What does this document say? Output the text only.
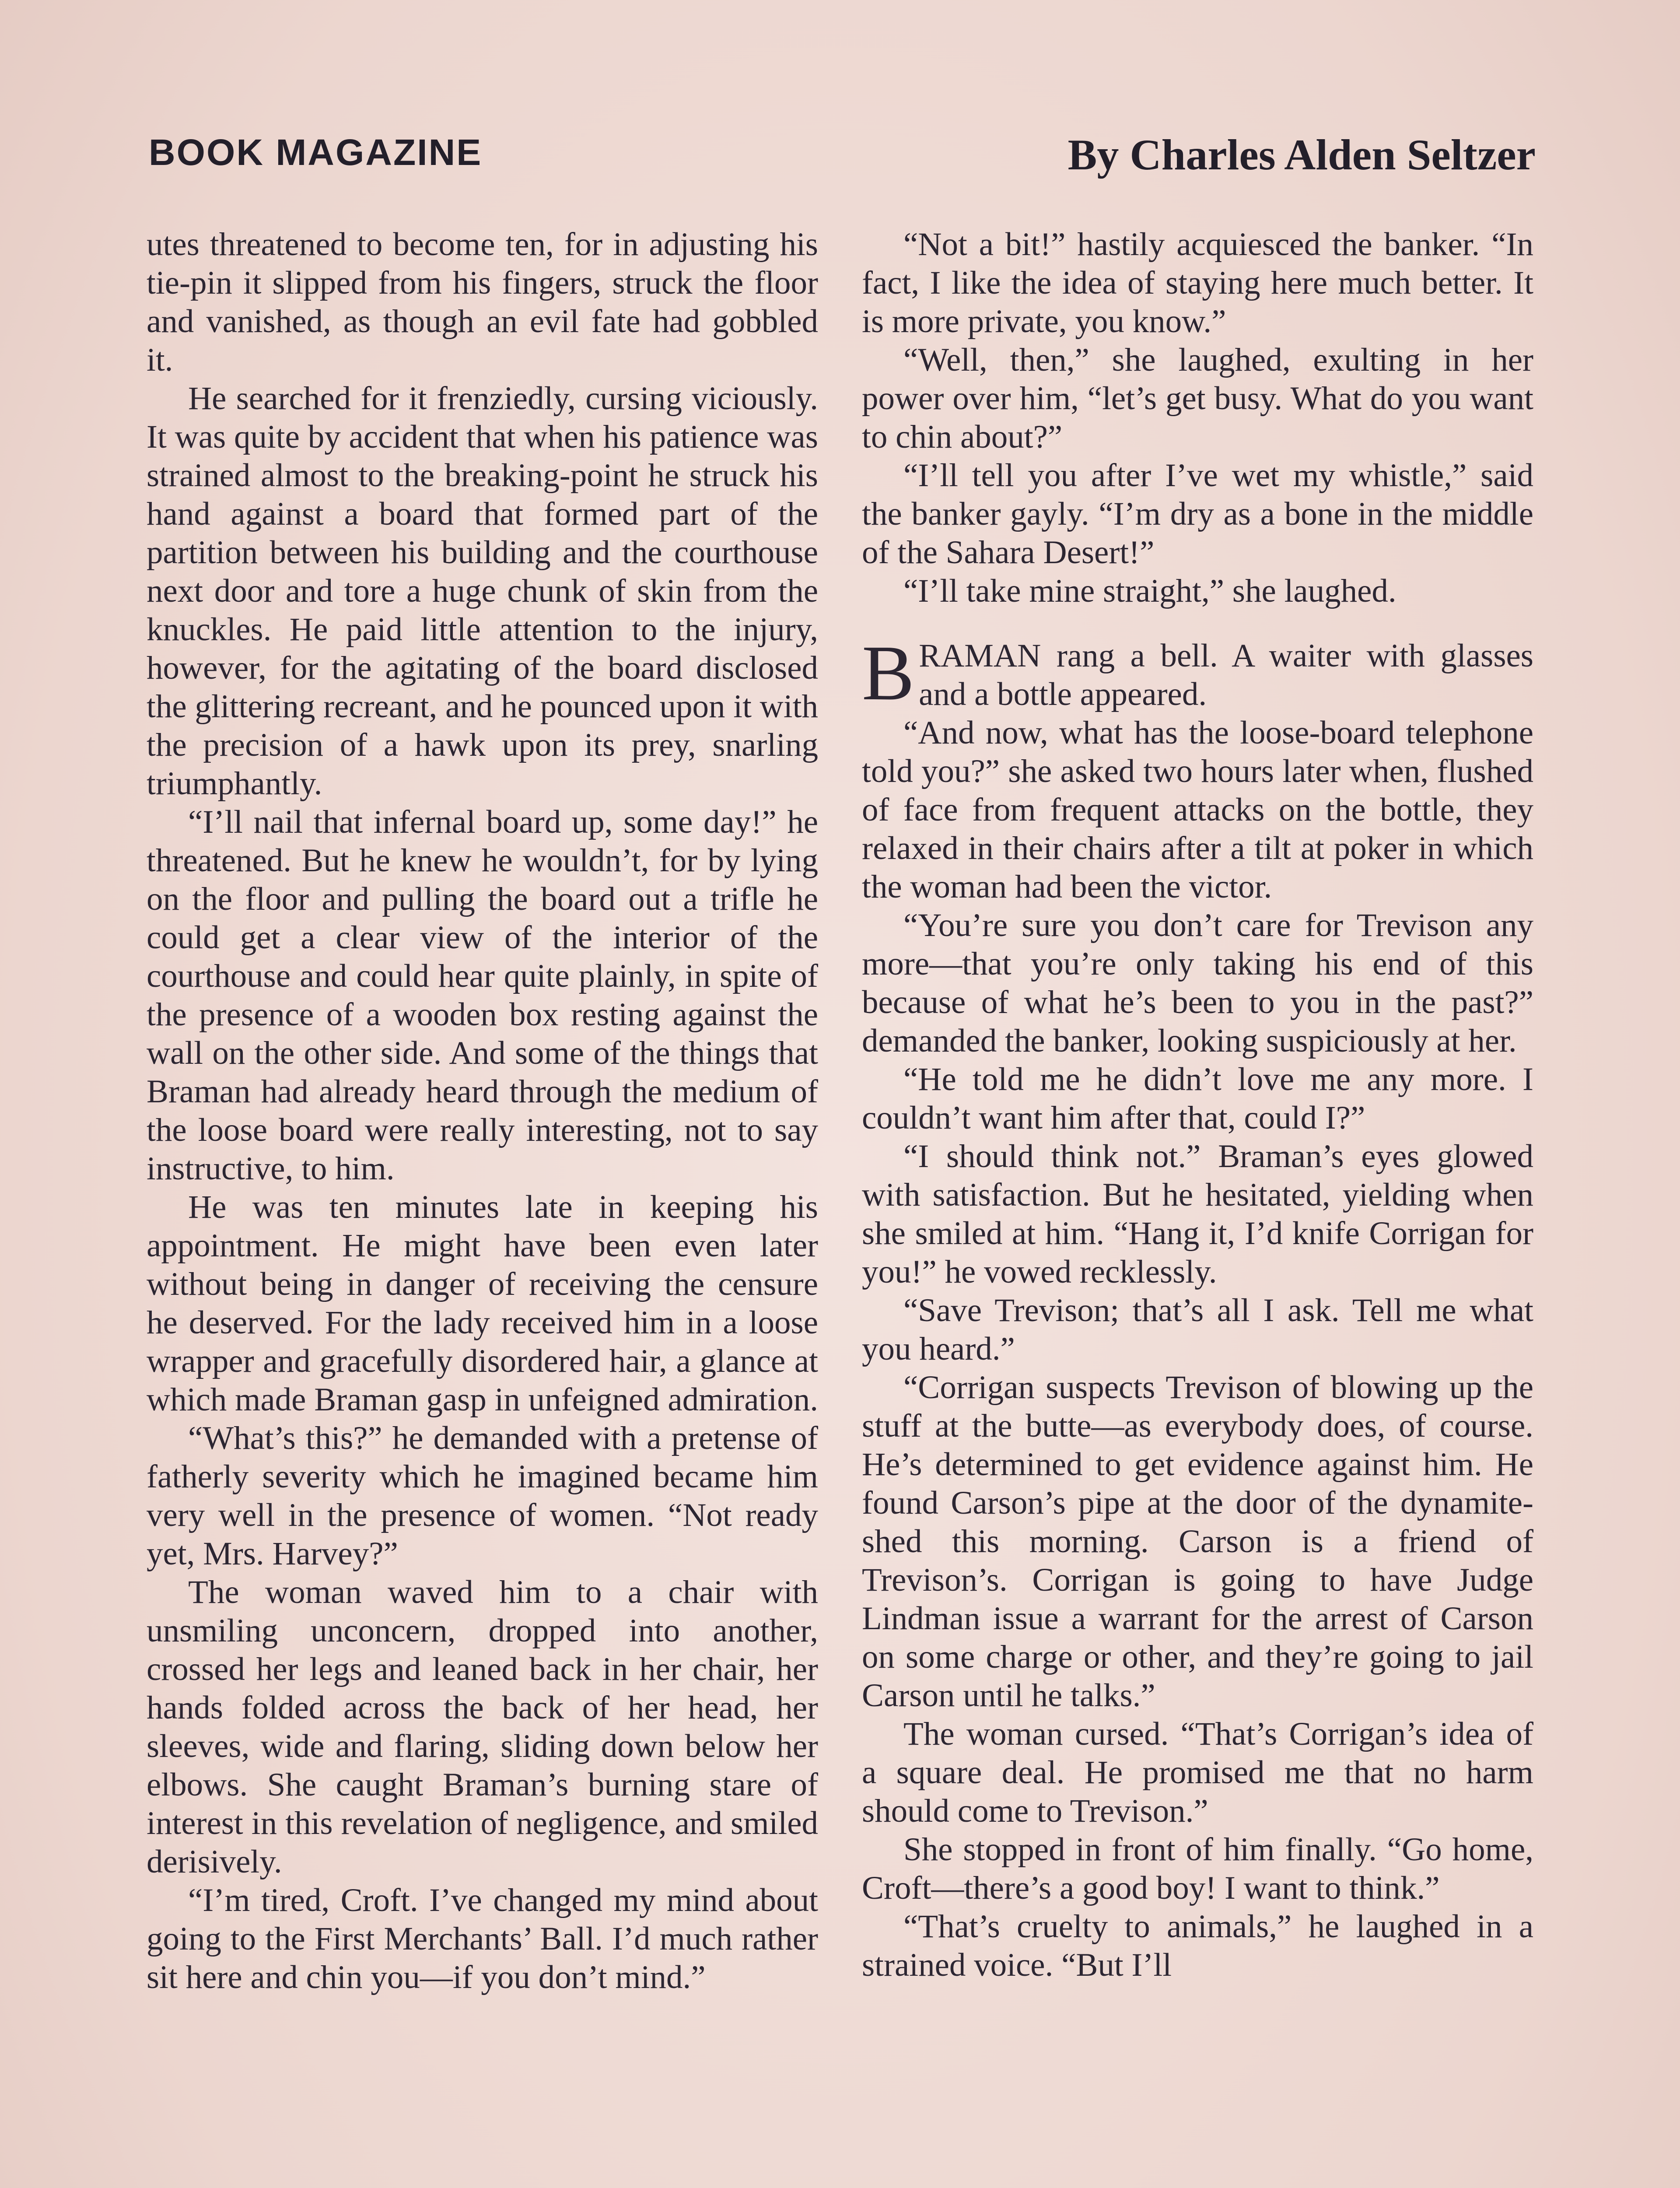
BOOK MAGAZINE	By Charles Alden Seltzer

utes threatened to become ten, for in adjusting his tie-pin it slipped from his fingers, struck the floor and vanished, as though an evil fate had gobbled it.

He searched for it frenziedly, cursing viciously. It was quite by accident that when his patience was strained almost to the breaking-point he struck his hand against a board that formed part of the partition between his building and the courthouse next door and tore a huge chunk of skin from the knuckles. He paid little attention to the injury, however, for the agitating of the board disclosed the glittering recreant, and he pounced upon it with the precision of a hawk upon its prey, snarling triumphantly.

“I’ll nail that infernal board up, some day!” he threatened. But he knew he wouldn’t, for by lying on the floor and pulling the board out a trifle he could get a clear view of the interior of the courthouse and could hear quite plainly, in spite of the presence of a wooden box resting against the wall on the other side. And some of the things that Braman had already heard through the medium of the loose board were really interesting, not to say instructive, to him.

He was ten minutes late in keeping his appointment. He might have been even later without being in danger of receiving the censure he deserved. For the lady received him in a loose wrapper and gracefully disordered hair, a glance at which made Braman gasp in unfeigned admiration.

“What’s this?” he demanded with a pretense of fatherly severity which he imagined became him very well in the presence of women. “Not ready yet, Mrs. Harvey?”

The woman waved him to a chair with unsmiling unconcern, dropped into another, crossed her legs and leaned back in her chair, her hands folded across the back of her head, her sleeves, wide and flaring, sliding down below her elbows. She caught Braman’s burning stare of interest in this revelation of negligence, and smiled derisively.

“I’m tired, Croft. I’ve changed my mind about going to the First Merchants’ Ball. I’d much rather sit here and chin you—if you don’t mind.”

“Not a bit!” hastily acquiesced the banker. “In fact, I like the idea of staying here much better. It is more private, you know.”

“Well, then,” she laughed, exulting in her power over him, “let’s get busy. What do you want to chin about?”

“I’ll tell you after I’ve wet my whistle,” said the banker gayly. “I’m dry as a bone in the middle of the Sahara Desert!”

“I’ll take mine straight,” she laughed.

BRAMAN rang a bell. A waiter with glasses and a bottle appeared.

“And now, what has the loose-board telephone told you?” she asked two hours later when, flushed of face from frequent attacks on the bottle, they relaxed in their chairs after a tilt at poker in which the woman had been the victor.

“You’re sure you don’t care for Trevison any more—that you’re only taking his end of this because of what he’s been to you in the past?” demanded the banker, looking suspiciously at her.

“He told me he didn’t love me any more. I couldn’t want him after that, could I?”

“I should think not.” Braman’s eyes glowed with satisfaction. But he hesitated, yielding when she smiled at him. “Hang it, I’d knife Corrigan for you!” he vowed recklessly.

“Save Trevison; that’s all I ask. Tell me what you heard.”

“Corrigan suspects Trevison of blowing up the stuff at the butte—as everybody does, of course. He’s determined to get evidence against him. He found Carson’s pipe at the door of the dynamite-shed this morning. Carson is a friend of Trevison’s. Corrigan is going to have Judge Lindman issue a warrant for the arrest of Carson on some charge or other, and they’re going to jail Carson until he talks.”

The woman cursed. “That’s Corrigan’s idea of a square deal. He promised me that no harm should come to Trevison.”

She stopped in front of him finally. “Go home, Croft—there’s a good boy! I want to think.”

“That’s cruelty to animals,” he laughed in a strained voice. “But I’ll
